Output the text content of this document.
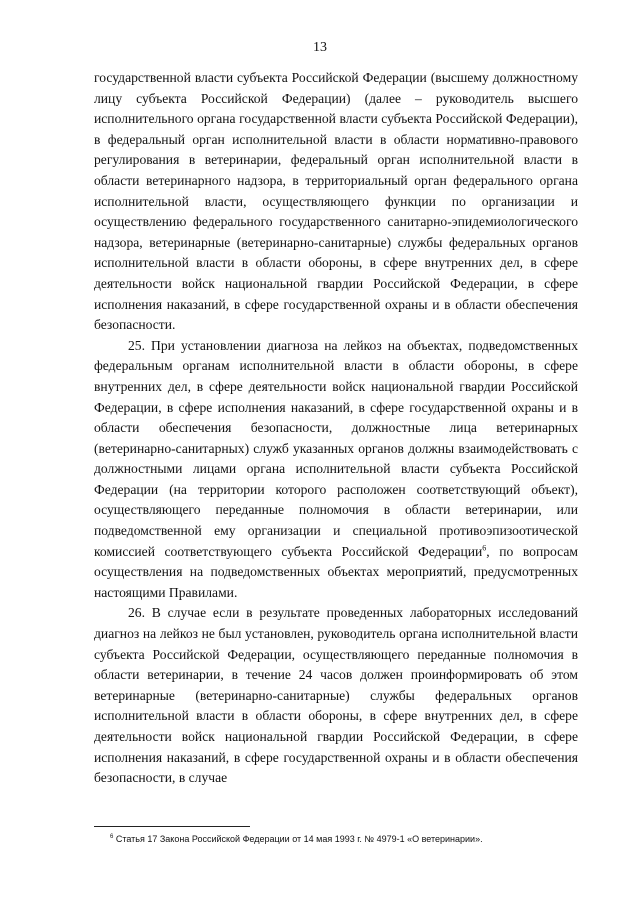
13

государственной власти субъекта Российской Федерации (высшему должностному лицу субъекта Российской Федерации) (далее – руководитель высшего исполнительного органа государственной власти субъекта Российской Федерации), в федеральный орган исполнительной власти в области нормативно-правового регулирования в ветеринарии, федеральный орган исполнительной власти в области ветеринарного надзора, в территориальный орган федерального органа исполнительной власти, осуществляющего функции по организации и осуществлению федерального государственного санитарно-эпидемиологического надзора, ветеринарные (ветеринарно-санитарные) службы федеральных органов исполнительной власти в области обороны, в сфере внутренних дел, в сфере деятельности войск национальной гвардии Российской Федерации, в сфере исполнения наказаний, в сфере государственной охраны и в области обеспечения безопасности.

25. При установлении диагноза на лейкоз на объектах, подведомственных федеральным органам исполнительной власти в области обороны, в сфере внутренних дел, в сфере деятельности войск национальной гвардии Российской Федерации, в сфере исполнения наказаний, в сфере государственной охраны и в области обеспечения безопасности, должностные лица ветеринарных (ветеринарно-санитарных) служб указанных органов должны взаимодействовать с должностными лицами органа исполнительной власти субъекта Российской Федерации (на территории которого расположен соответствующий объект), осуществляющего переданные полномочия в области ветеринарии, или подведомственной ему организации и специальной противоэпизоотической комиссией соответствующего субъекта Российской Федерации$^6$, по вопросам осуществления на подведомственных объектах мероприятий, предусмотренных настоящими Правилами.

26. В случае если в результате проведенных лабораторных исследований диагноз на лейкоз не был установлен, руководитель органа исполнительной власти субъекта Российской Федерации, осуществляющего переданные полномочия в области ветеринарии, в течение 24 часов должен проинформировать об этом ветеринарные (ветеринарно-санитарные) службы федеральных органов исполнительной власти в области обороны, в сфере внутренних дел, в сфере деятельности войск национальной гвардии Российской Федерации, в сфере исполнения наказаний, в сфере государственной охраны и в области обеспечения безопасности, в случае

$^6$ Статья 17 Закона Российской Федерации от 14 мая 1993 г. № 4979-1 «О ветеринарии».
